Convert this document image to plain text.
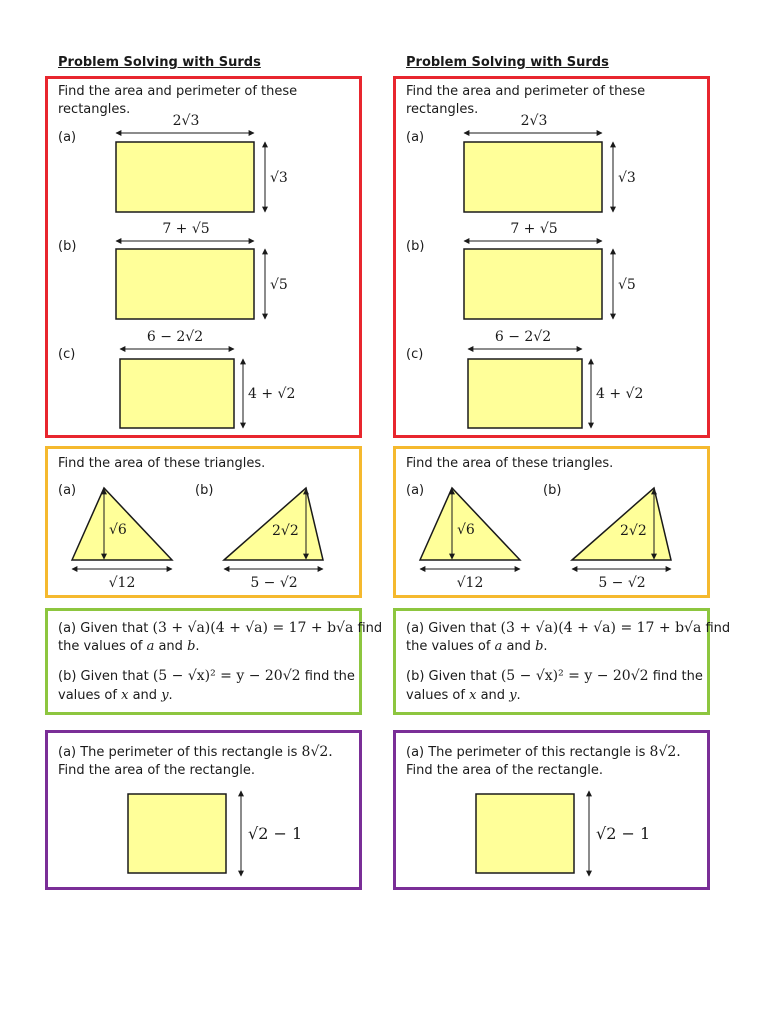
Problem Solving with Surds
Find the area and perimeter of these
rectangles.
(a)
2√3
√3
(b)
7 + √5
√5
(c)
6 − 2√2
4 + √2
Find the area of these triangles.
(a)
√6
√12
(b)
2√2
5 − √2
(a) Given that (3 + √a)(4 + √a) = 17 + b√a find
the values of a and b.
(b) Given that (5 − √x)² = y − 20√2 find the
values of x and y.
(a) The perimeter of this rectangle is 8√2.
Find the area of the rectangle.
√2 − 1
Problem Solving with Surds
Find the area and perimeter of these
rectangles.
(a)
2√3
√3
(b)
7 + √5
√5
(c)
6 − 2√2
4 + √2
Find the area of these triangles.
(a)
√6
√12
(b)
2√2
5 − √2
(a) Given that (3 + √a)(4 + √a) = 17 + b√a find
the values of a and b.
(b) Given that (5 − √x)² = y − 20√2 find the
values of x and y.
(a) The perimeter of this rectangle is 8√2.
Find the area of the rectangle.
√2 − 1
